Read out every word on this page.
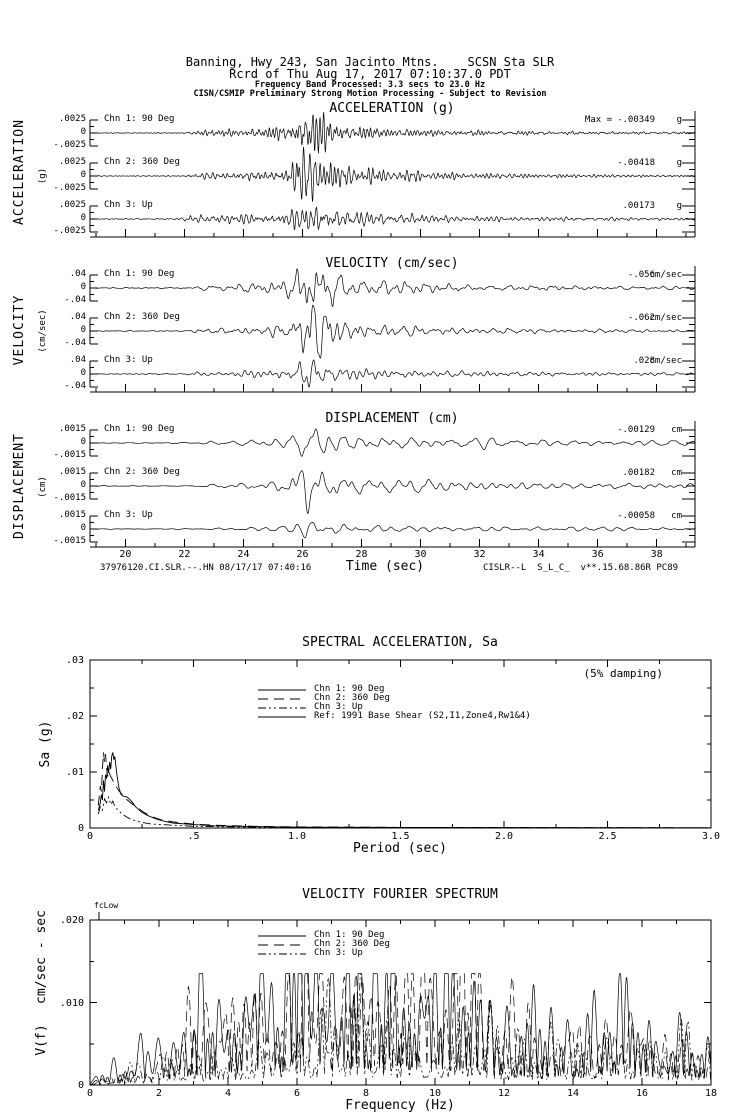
Banning, Hwy 243, San Jacinto Mtns.    SCSN Sta SLR
Rcrd of Thu Aug 17, 2017 07:10:37.0 PDT
Frequency Band Processed: 3.3 secs to 23.0 Hz
CISN/CSMIP Preliminary Strong Motion Processing - Subject to Revision
ACCELERATION (g)
VELOCITY (cm/sec)
DISPLACEMENT (cm)
ACCELERATION (g)
VELOCITY (cm/sec)
DISPLACEMENT (cm)
Time (sec)
37976120.CI.SLR.--.HN 08/17/17 07:40:16	CISLR--L  S_L_C_  v**.15.68.86R PC89
SPECTRAL ACCELERATION, Sa
(5% damping)
Sa (g)
Period (sec)
VELOCITY FOURIER SPECTRUM
fcLow
cm/sec - sec
V(f)
Frequency (Hz)
.0025
0
-.0025
Chn 1: 90 Deg	Max = -.00349 g
.0025
0
-.0025
Chn 2: 360 Deg	-.00418 g
.0025
0
-.0025
Chn 3: Up	.00173 g
.04
0
-.04
Chn 1: 90 Deg	-.056
cm/sec
.04
0
-.04
Chn 2: 360 Deg	-.062
cm/sec
.04
0
-.04
Chn 3: Up	.028
cm/sec
.0015
0
-.0015
Chn 1: 90 Deg	-.00129 cm
.0015
0
-.0015
Chn 2: 360 Deg	.00182 cm
.0015
0
-.0015
Chn 3: Up	-.00058 cm
20	22	24	26	28	30	32	34	36	38
.03
.02
.01
0
0	.5	1.0	1.5	2.0	2.5	3.0
Chn 1: 90 Deg
Chn 2: 360 Deg
Chn 3: Up
Ref: 1991 Base Shear (S2,I1,Zone4,Rw1&4)
.020
.010
0
0	2	4	6	8	10	12	14	16	18
Chn 1: 90 Deg
Chn 2: 360 Deg
Chn 3: Up
